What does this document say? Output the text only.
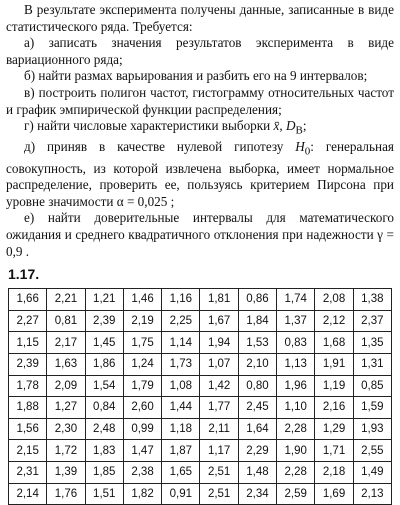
В результате эксперимента получены данные, записанные в виде статистического ряда. Требуется:

а) записать значения результатов эксперимента в виде вариационного ряда;

б) найти размах варьирования и разбить его на 9 интервалов;

в) построить полигон частот, гистограмму относительных частот и график эмпирической функции распределения;

г) найти числовые характеристики выборки x̄, $D_В$;

д) приняв в качестве нулевой гипотезу $H_0$: генеральная совокупность, из которой извлечена выборка, имеет нормальное распределение, проверить ее, пользуясь критерием Пирсона при уровне значимости α = 0,025 ;

е) найти доверительные интервалы для математического ожидания и среднего квадратичного отклонения при надежности γ = 0,9 .

1.17.
1,66	2,21	1,21	1,46	1,16	1,81	0,86	1,74	2,08	1,38
2,27	0,81	2,39	2,19	2,25	1,67	1,84	1,37	2,12	2,37
1,15	2,17	1,45	1,75	1,14	1,94	1,53	0,83	1,68	1,35
2,39	1,63	1,86	1,24	1,73	1,07	2,10	1,13	1,91	1,31
1,78	2,09	1,54	1,79	1,08	1,42	0,80	1,96	1,19	0,85
1,88	1,27	0,84	2,60	1,44	1,77	2,45	1,10	2,16	1,59
1,56	2,30	2,48	0,99	1,18	2,11	1,64	2,28	1,29	1,93
2,15	1,72	1,83	1,47	1,87	1,17	2,29	1,90	1,71	2,55
2,31	1,39	1,85	2,38	1,65	2,51	1,48	2,28	2,18	1,49
2,14	1,76	1,51	1,82	0,91	2,51	2,34	2,59	1,69	2,13
